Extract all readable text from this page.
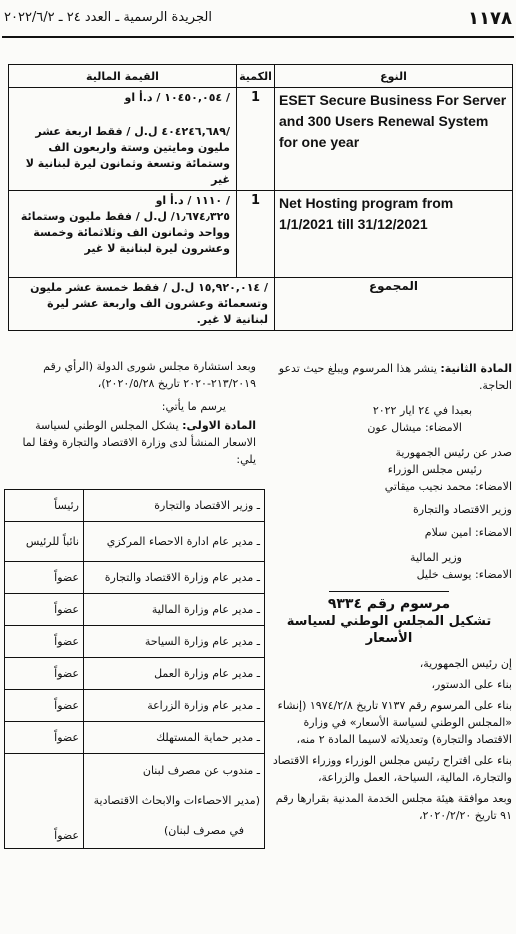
١١٧٨
الجريدة الرسمية ـ العدد ٢٤ ـ ٢٠٢٢/٦/٢
القيمة المالية	الكمية	النوع

/ ١٠٤٥٠,٠٥٤ / د.أ او
/٤٠٤٢٤٦,٦٨٩ ل.ل / فقط اربعة عشر مليون ومايتين وستة واربعون الف وستمائة وتسعة وثمانون ليرة لبنانية لا غير	1	ESET Secure Business For Server and 300 Users Renewal System for one year

/ ١١١٠ / د.أ او
١٫٦٧٤٫٣٢٥/ ل.ل / فقط مليون وستمائة وواحد وثمانون الف وثلاثمائة وخمسة وعشرون ليرة لبنانية لا غير	1	Net Hosting program from 1/1/2021 till 31/12/2021
/ ١٥,٩٢٠,٠١٤ ل.ل / فقط خمسة عشر مليون وتسعمائة وعشرون الف واربعة عشر ليرة لبنانية لا غير.		المجموع

المادة الثانية: ينشر هذا المرسوم ويبلغ حيث تدعو الحاجة.

بعبدا في ٢٤ ايار ٢٠٢٢

الامضاء: ميشال عون

صدر عن رئيس الجمهورية

رئيس مجلس الوزراء

الامضاء: محمد نجيب ميقاتي

وزير الاقتصاد والتجارة

الامضاء: امين سلام

وزير المالية

الامضاء: يوسف خليل

مرسوم رقم ٩٣٣٤

تشكيل المجلس الوطني لسياسة الأسعار

إن رئيس الجمهورية،

بناء على الدستور،

بناء على المرسوم رقم ٧١٣٧ تاريخ ١٩٧٤/٢/٨ (إنشاء «المجلس الوطني لسياسة الأسعار» في وزارة الاقتصاد والتجارة) وتعديلاته لاسيما المادة ٢ منه،

بناء على اقتراح رئيس مجلس الوزراء ووزراء الاقتصاد والتجارة، المالية، السياحة، العمل والزراعة،

وبعد موافقة هيئة مجلس الخدمة المدنية بقرارها رقم ٩١ تاريخ ٢٠٢٠/٢/٢٠،

وبعد استشارة مجلس شورى الدولة (الرأي رقم ٢١٣/٢٠١٩-٢٠٢٠ تاريخ ٢٠٢٠/٥/٢٨)،

يرسم ما يأتي:

المادة الاولى: يشكل المجلس الوطني لسياسة الاسعار المنشأ لدى وزارة الاقتصاد والتجارة وفقا لما يلي:

ـ وزير الاقتصاد والتجارة	رئيساً
ـ مدير عام ادارة الاحصاء المركزي	نائباً للرئيس
ـ مدير عام وزارة الاقتصاد والتجارة	عضواً
ـ مدير عام وزارة المالية	عضواً
ـ مدير عام وزارة السياحة	عضواً
ـ مدير عام وزارة العمل	عضواً
ـ مدير عام وزارة الزراعة	عضواً
ـ مدير حماية المستهلك	عضواً

ـ مندوب عن مصرف لبنان
(مدير الاحصاءات والابحاث الاقتصادية
في مصرف لبنان)	عضواً
